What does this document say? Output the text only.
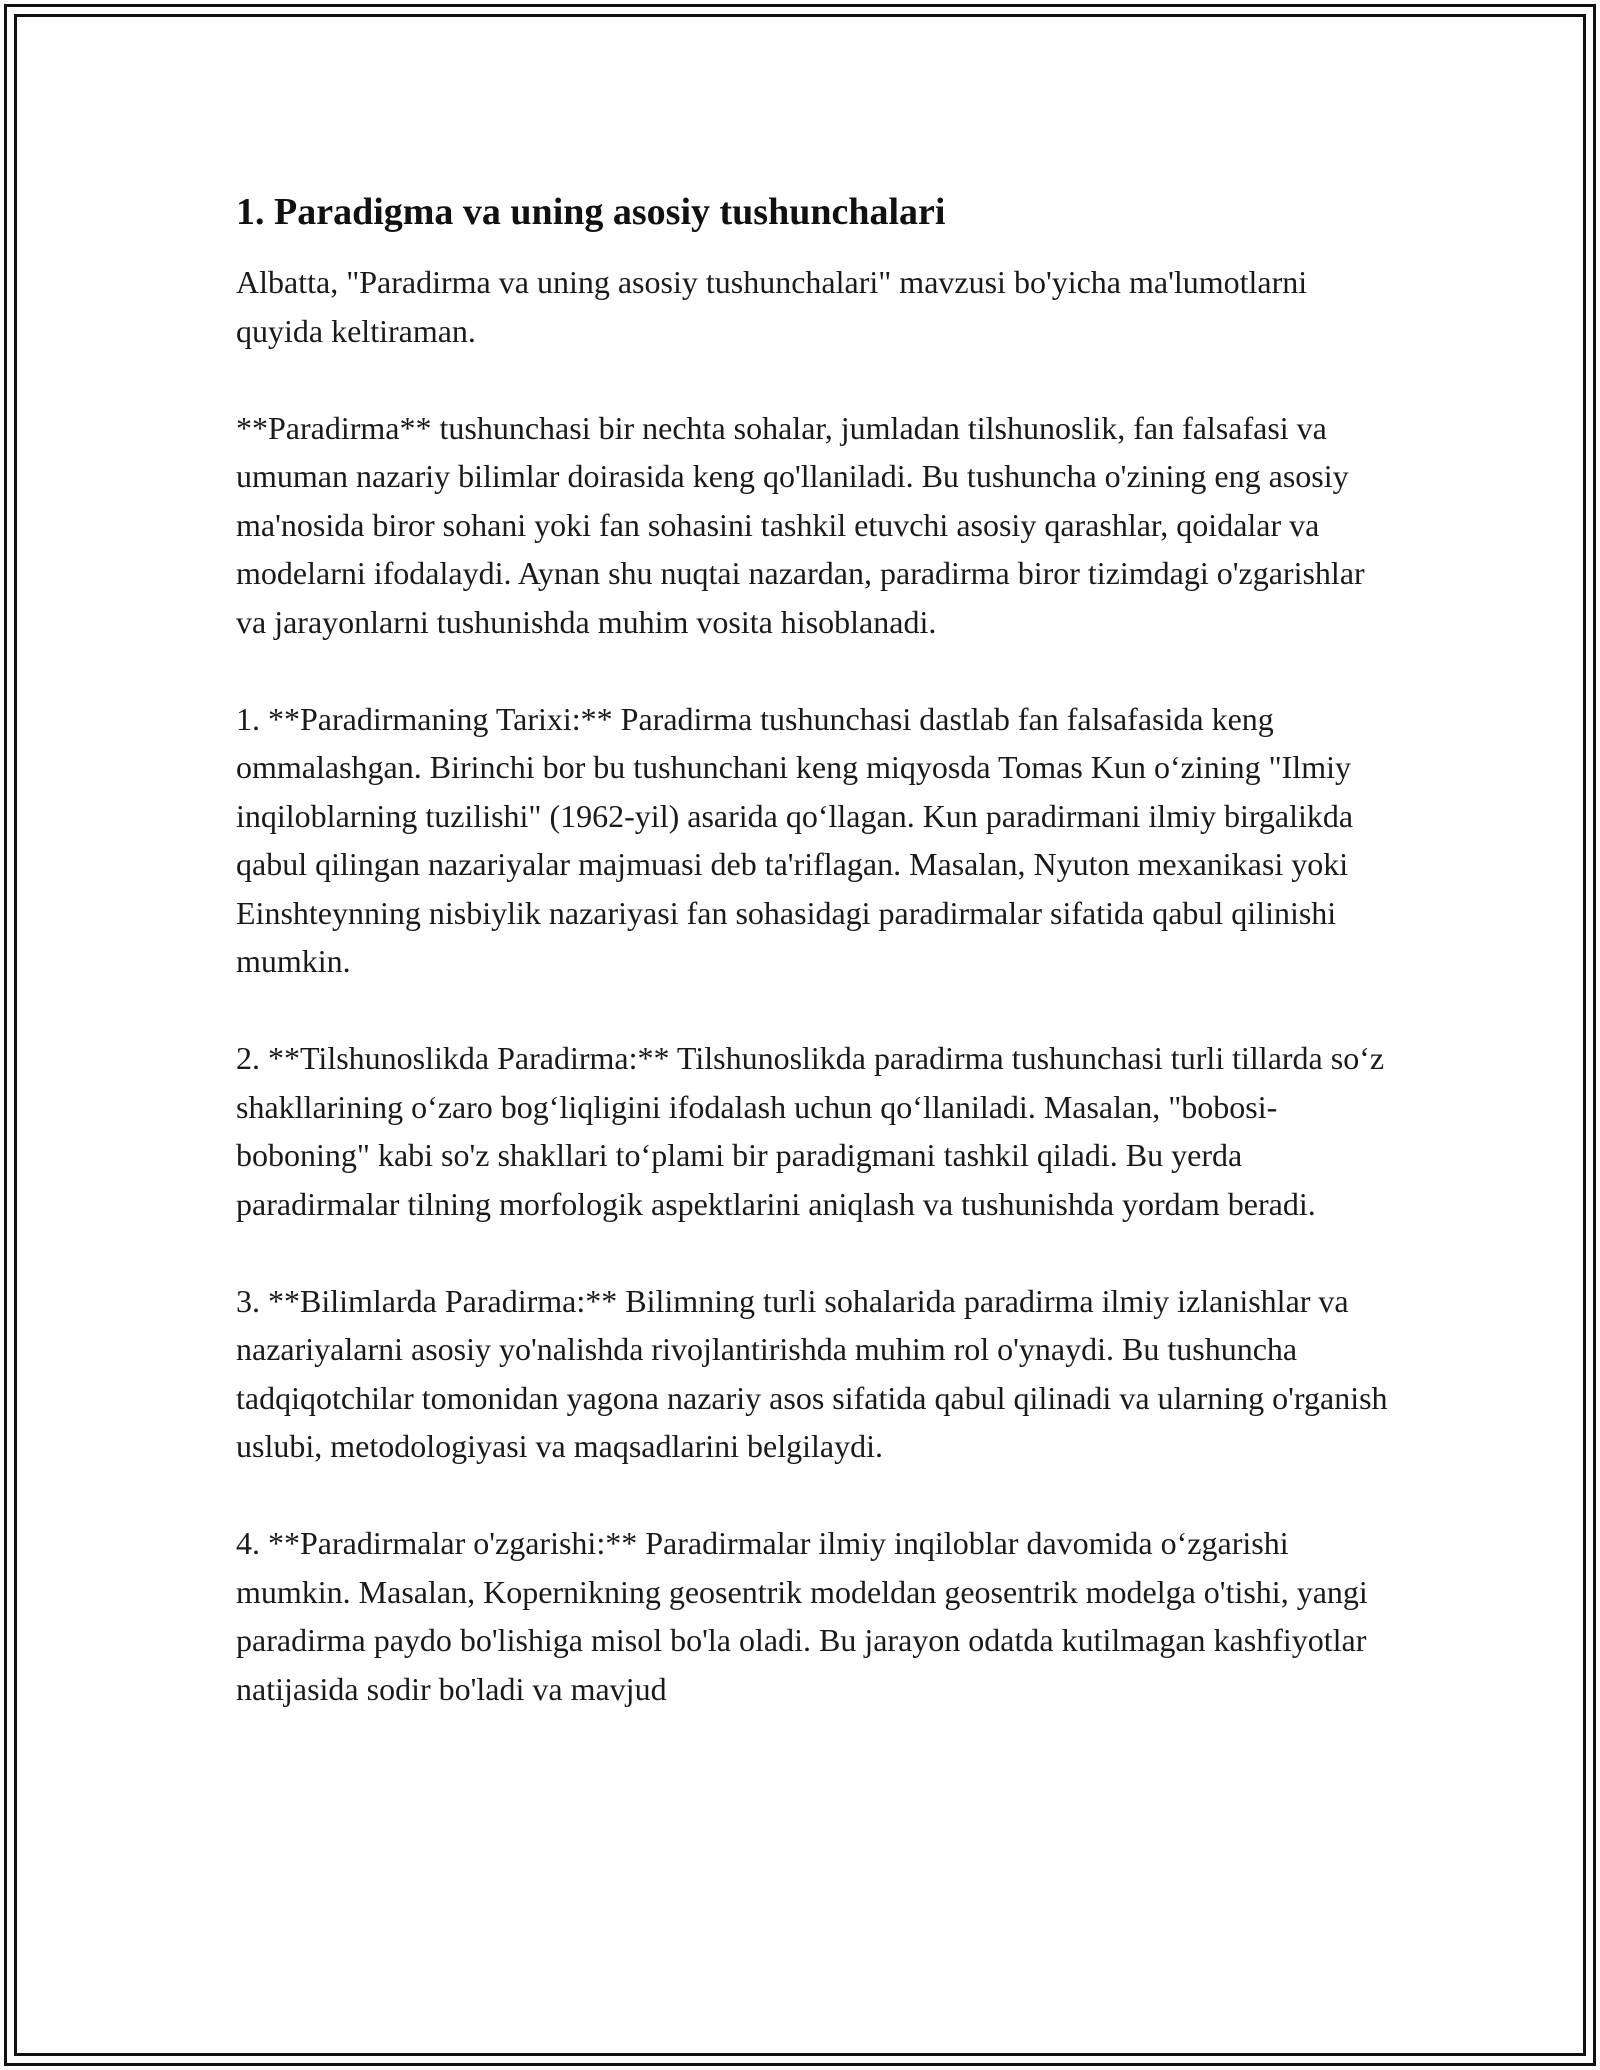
1. Paradigma va uning asosiy tushunchalari

Albatta, "Paradirma va uning asosiy tushunchalari" mavzusi bo'yicha ma'lumotlarni quyida keltiraman.

**Paradirma** tushunchasi bir nechta sohalar, jumladan tilshunoslik, fan falsafasi va umuman nazariy bilimlar doirasida keng qo'llaniladi. Bu tushuncha o'zining eng asosiy ma'nosida biror sohani yoki fan sohasini tashkil etuvchi asosiy qarashlar, qoidalar va modelarni ifodalaydi. Aynan shu nuqtai nazardan, paradirma biror tizimdagi o'zgarishlar va jarayonlarni tushunishda muhim vosita hisoblanadi.

1. **Paradirmaning Tarixi:** Paradirma tushunchasi dastlab fan falsafasida keng ommalashgan. Birinchi bor bu tushunchani keng miqyosda Tomas Kun o‘zining "Ilmiy inqiloblarning tuzilishi" (1962-yil) asarida qo‘llagan. Kun paradirmani ilmiy birgalikda qabul qilingan nazariyalar majmuasi deb ta'riflagan. Masalan, Nyuton mexanikasi yoki Einshteynning nisbiylik nazariyasi fan sohasidagi paradirmalar sifatida qabul qilinishi mumkin.

2. **Tilshunoslikda Paradirma:** Tilshunoslikda paradirma tushunchasi turli tillarda so‘z shakllarining o‘zaro bog‘liqligini ifodalash uchun qo‘llaniladi. Masalan, "bobosi-boboning" kabi so'z shakllari to‘plami bir paradigmani tashkil qiladi. Bu yerda paradirmalar tilning morfologik aspektlarini aniqlash va tushunishda yordam beradi.

3. **Bilimlarda Paradirma:** Bilimning turli sohalarida paradirma ilmiy izlanishlar va nazariyalarni asosiy yo'nalishda rivojlantirishda muhim rol o'ynaydi. Bu tushuncha tadqiqotchilar tomonidan yagona nazariy asos sifatida qabul qilinadi va ularning o'rganish uslubi, metodologiyasi va maqsadlarini belgilaydi.

4. **Paradirmalar o'zgarishi:** Paradirmalar ilmiy inqiloblar davomida o‘zgarishi mumkin. Masalan, Kopernikning geosentrik modeldan geosentrik modelga o'tishi, yangi paradirma paydo bo'lishiga misol bo'la oladi. Bu jarayon odatda kutilmagan kashfiyotlar natijasida sodir bo'ladi va mavjud
